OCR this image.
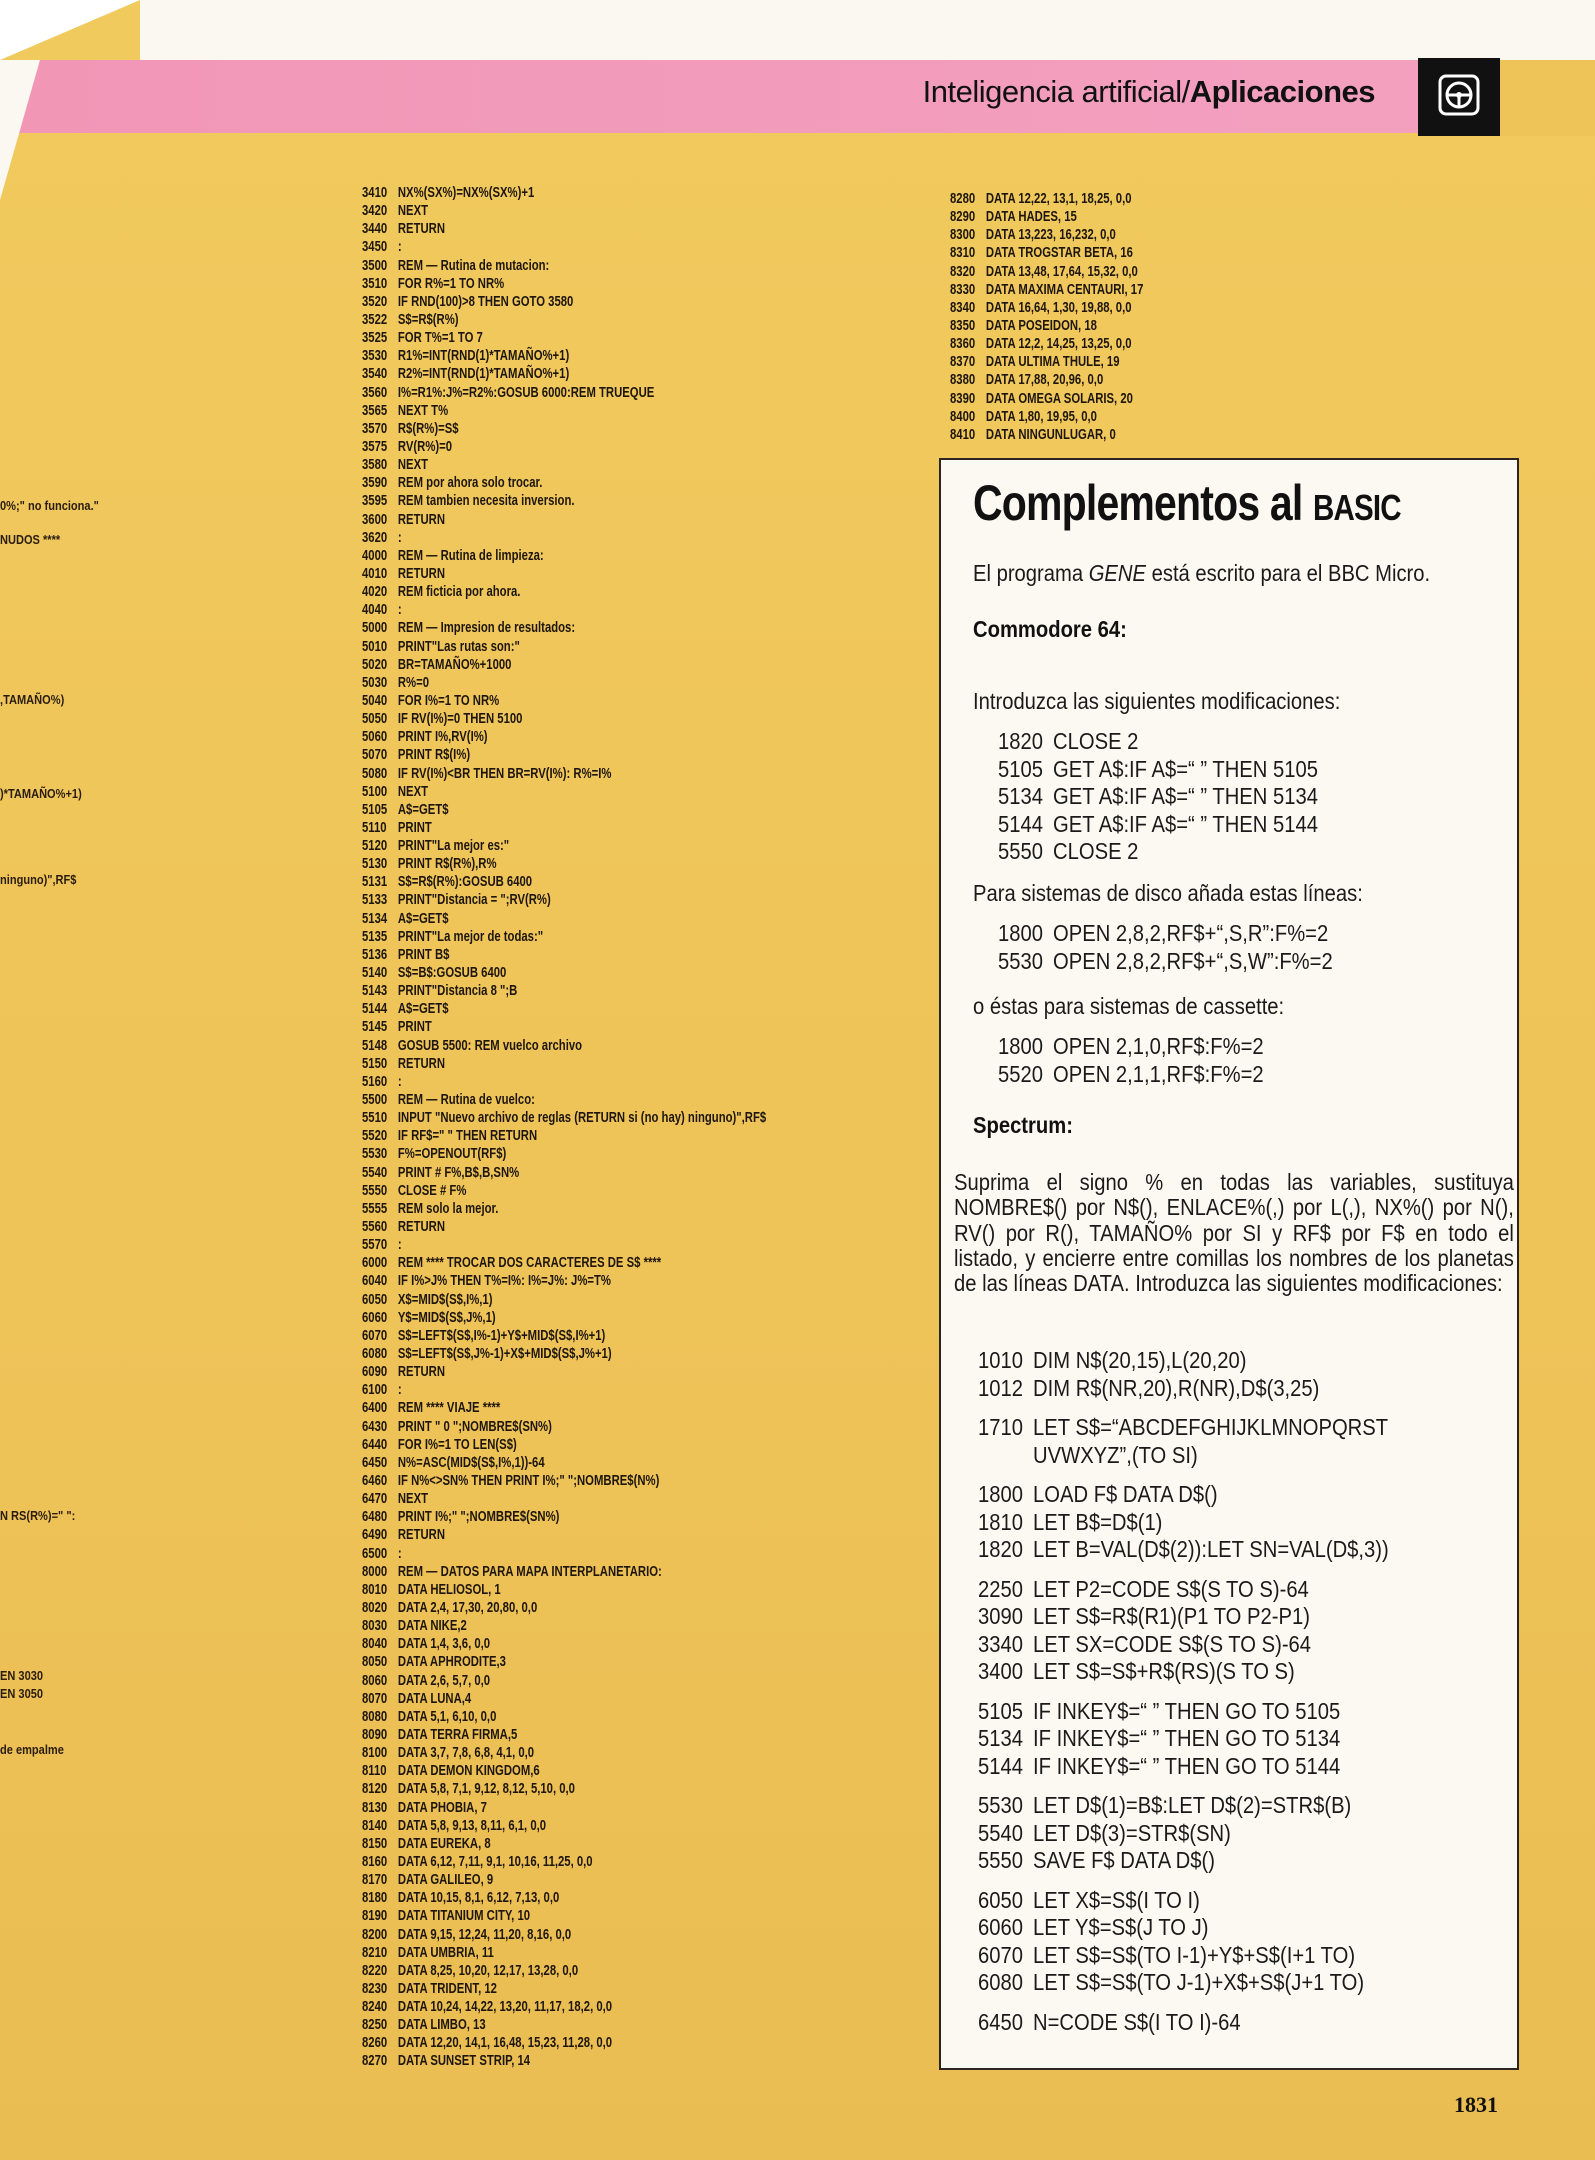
Inteligencia artificial/Aplicaciones
0%;" no funciona."
NUDOS ****
,TAMAÑO%)
)*TAMAÑO%+1)
ninguno)",RF$
N RS(R%)=" ":
EN 3030
EN 3050
de empalme
3410 NX%(SX%)=NX%(SX%)+1
3420 NEXT
3440 RETURN
3450 :
3500 REM — Rutina de mutacion:
3510 FOR R%=1 TO NR%
3520 IF RND(100)>8 THEN GOTO 3580
3522 S$=R$(R%)
3525 FOR T%=1 TO 7
3530 R1%=INT(RND(1)*TAMAÑO%+1)
3540 R2%=INT(RND(1)*TAMAÑO%+1)
3560 I%=R1%:J%=R2%:GOSUB 6000:REM TRUEQUE
3565 NEXT T%
3570 R$(R%)=S$
3575 RV(R%)=0
3580 NEXT
3590 REM por ahora solo trocar.
3595 REM tambien necesita inversion.
3600 RETURN
3620 :
4000 REM — Rutina de limpieza:
4010 RETURN
4020 REM ficticia por ahora.
4040 :
5000 REM — Impresion de resultados:
5010 PRINT"Las rutas son:"
5020 BR=TAMAÑO%+1000
5030 R%=0
5040 FOR I%=1 TO NR%
5050 IF RV(I%)=0 THEN 5100
5060 PRINT I%,RV(I%)
5070 PRINT R$(I%)
5080 IF RV(I%)<BR THEN BR=RV(I%): R%=I%
5100 NEXT
5105 A$=GET$
5110 PRINT
5120 PRINT"La mejor es:"
5130 PRINT R$(R%),R%
5131 S$=R$(R%):GOSUB 6400
5133 PRINT"Distancia = ";RV(R%)
5134 A$=GET$
5135 PRINT"La mejor de todas:"
5136 PRINT B$
5140 S$=B$:GOSUB 6400
5143 PRINT"Distancia 8 ";B
5144 A$=GET$
5145 PRINT
5148 GOSUB 5500: REM vuelco archivo
5150 RETURN
5160 :
5500 REM — Rutina de vuelco:
5510 INPUT "Nuevo archivo de reglas (RETURN si (no hay) ninguno)",RF$
5520 IF RF$=" " THEN RETURN
5530 F%=OPENOUT(RF$)
5540 PRINT # F%,B$,B,SN%
5550 CLOSE # F%
5555 REM solo la mejor.
5560 RETURN
5570 :
6000 REM **** TROCAR DOS CARACTERES DE S$ ****
6040 IF I%>J% THEN T%=I%: I%=J%: J%=T%
6050 X$=MID$(S$,I%,1)
6060 Y$=MID$(S$,J%,1)
6070 S$=LEFT$(S$,I%-1)+Y$+MID$(S$,I%+1)
6080 S$=LEFT$(S$,J%-1)+X$+MID$(S$,J%+1)
6090 RETURN
6100 :
6400 REM **** VIAJE ****
6430 PRINT " 0 ";NOMBRE$(SN%)
6440 FOR I%=1 TO LEN(S$)
6450 N%=ASC(MID$(S$,I%,1))-64
6460 IF N%<>SN% THEN PRINT I%;" ";NOMBRE$(N%)
6470 NEXT
6480 PRINT I%;" ";NOMBRE$(SN%)
6490 RETURN
6500 :
8000 REM — DATOS PARA MAPA INTERPLANETARIO:
8010 DATA HELIOSOL, 1
8020 DATA 2,4, 17,30, 20,80, 0,0
8030 DATA NIKE,2
8040 DATA 1,4, 3,6, 0,0
8050 DATA APHRODITE,3
8060 DATA 2,6, 5,7, 0,0
8070 DATA LUNA,4
8080 DATA 5,1, 6,10, 0,0
8090 DATA TERRA FIRMA,5
8100 DATA 3,7, 7,8, 6,8, 4,1, 0,0
8110 DATA DEMON KINGDOM,6
8120 DATA 5,8, 7,1, 9,12, 8,12, 5,10, 0,0
8130 DATA PHOBIA, 7
8140 DATA 5,8, 9,13, 8,11, 6,1, 0,0
8150 DATA EUREKA, 8
8160 DATA 6,12, 7,11, 9,1, 10,16, 11,25, 0,0
8170 DATA GALILEO, 9
8180 DATA 10,15, 8,1, 6,12, 7,13, 0,0
8190 DATA TITANIUM CITY, 10
8200 DATA 9,15, 12,24, 11,20, 8,16, 0,0
8210 DATA UMBRIA, 11
8220 DATA 8,25, 10,20, 12,17, 13,28, 0,0
8230 DATA TRIDENT, 12
8240 DATA 10,24, 14,22, 13,20, 11,17, 18,2, 0,0
8250 DATA LIMBO, 13
8260 DATA 12,20, 14,1, 16,48, 15,23, 11,28, 0,0
8270 DATA SUNSET STRIP, 14
8280 DATA 12,22, 13,1, 18,25, 0,0
8290 DATA HADES, 15
8300 DATA 13,223, 16,232, 0,0
8310 DATA TROGSTAR BETA, 16
8320 DATA 13,48, 17,64, 15,32, 0,0
8330 DATA MAXIMA CENTAURI, 17
8340 DATA 16,64, 1,30, 19,88, 0,0
8350 DATA POSEIDON, 18
8360 DATA 12,2, 14,25, 13,25, 0,0
8370 DATA ULTIMA THULE, 19
8380 DATA 17,88, 20,96, 0,0
8390 DATA OMEGA SOLARIS, 20
8400 DATA 1,80, 19,95, 0,0
8410 DATA NINGUNLUGAR, 0
Complementos al BASIC
El programa GENE está escrito para el BBC Micro.
Commodore 64:
Introduzca las siguientes modificaciones:
1820 CLOSE 2
5105 GET A$:IF A$=“ ” THEN 5105
5134 GET A$:IF A$=“ ” THEN 5134
5144 GET A$:IF A$=“ ” THEN 5144
5550 CLOSE 2
Para sistemas de disco añada estas líneas:
1800 OPEN 2,8,2,RF$+“,S,R”:F%=2
5530 OPEN 2,8,2,RF$+“,S,W”:F%=2
o éstas para sistemas de cassette:
1800 OPEN 2,1,0,RF$:F%=2
5520 OPEN 2,1,1,RF$:F%=2
Spectrum:

Suprima el signo % en todas las variables, sustituya NOMBRE$() por N$(), ENLACE%(,) por L(,), NX%() por N(), RV() por R(), TAMAÑO% por SI y RF$ por F$ en todo el listado, y encierre entre comillas los nombres de los planetas de las líneas DATA. Introduzca las siguientes modificaciones:

1010 DIM N$(20,15),L(20,20)
1012 DIM R$(NR,20),R(NR),D$(3,25)
1710 LET S$=“ABCDEFGHIJKLMNOPQRST
UVWXYZ”,(TO SI)
1800 LOAD F$ DATA D$()
1810 LET B$=D$(1)
1820 LET B=VAL(D$(2)):LET SN=VAL(D$,3))
2250 LET P2=CODE S$(S TO S)-64
3090 LET S$=R$(R1)(P1 TO P2-P1)
3340 LET SX=CODE S$(S TO S)-64
3400 LET S$=S$+R$(RS)(S TO S)
5105 IF INKEY$=“ ” THEN GO TO 5105
5134 IF INKEY$=“ ” THEN GO TO 5134
5144 IF INKEY$=“ ” THEN GO TO 5144
5530 LET D$(1)=B$:LET D$(2)=STR$(B)
5540 LET D$(3)=STR$(SN)
5550 SAVE F$ DATA D$()
6050 LET X$=S$(I TO I)
6060 LET Y$=S$(J TO J)
6070 LET S$=S$(TO I-1)+Y$+S$(I+1 TO)
6080 LET S$=S$(TO J-1)+X$+S$(J+1 TO)
6450 N=CODE S$(I TO I)-64
1831
